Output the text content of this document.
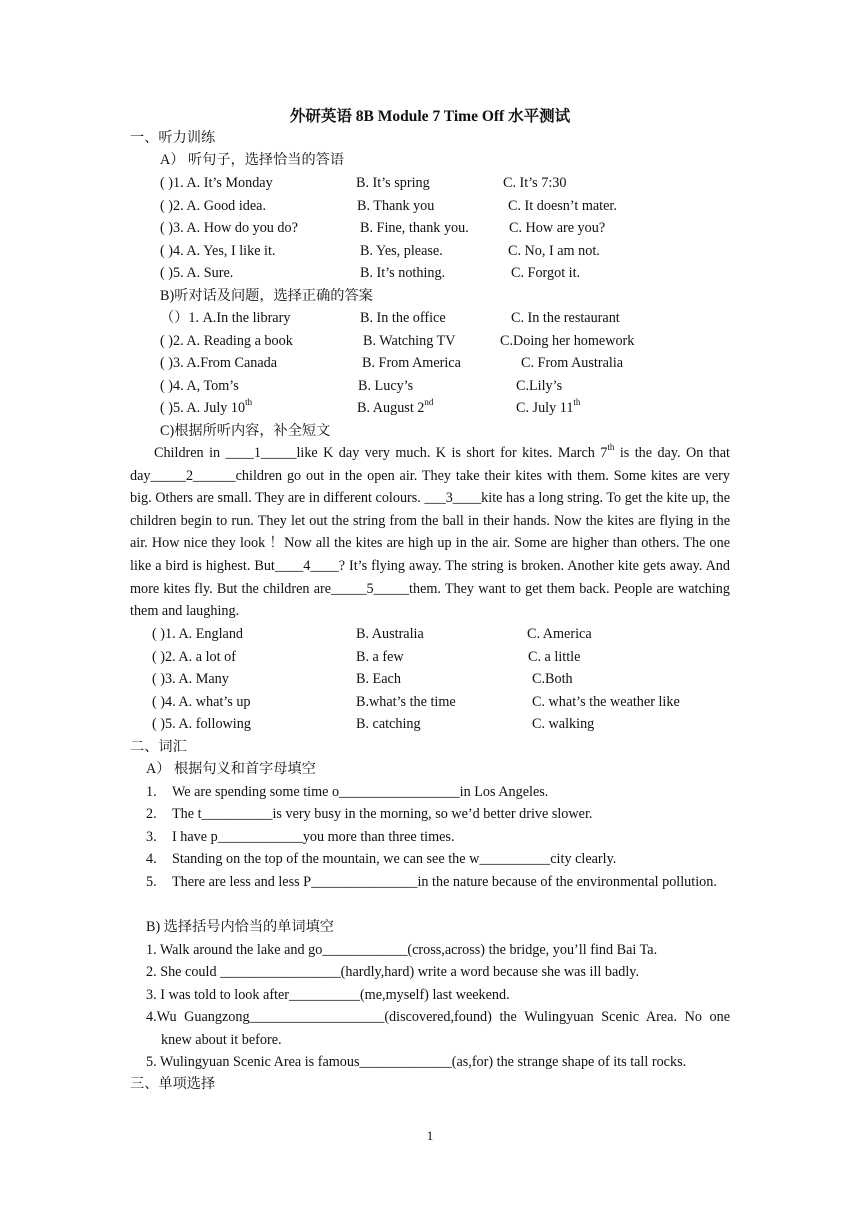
外研英语 8B Module 7 Time Off 水平测试
一、听力训练
A） 听句子，选择恰当的答语
( )1. A. It’s Monday	B. It’s spring	C. It’s 7:30
( )2. A. Good idea.	B. Thank you	C. It doesn’t mater.
( )3. A. How do you do?	B. Fine, thank you.	C. How are you?
( )4. A. Yes, I like it.	B. Yes, please.	C. No, I am not.
( )5. A. Sure.	B. It’s nothing.	C. Forgot it.
B)听对话及问题，选择正确的答案
（）1. A.In the library	B. In the office	C. In the restaurant
( )2. A. Reading a book	B. Watching TV	C.Doing her homework
( )3. A.From Canada	B. From America	C. From Australia
( )4. A, Tom’s	B. Lucy’s	C.Lily’s
( )5. A. July 10th	B. August 2nd	C. July 11th
C)根据所听内容，补全短文

Children in ____1_____like K day very much. K is short for kites. March 7th is the day. On that day_____2______children go out in the open air. They take their kites with them. Some kites are very big. Others are small. They are in different colours. ___3____kite has a long string. To get the kite up, the children begin to run. They let out the string from the ball in their hands. Now the kites are flying in the air. How nice they look ！Now all the kites are high up in the air. Some are higher than others. The one like a bird is highest. But____4____? It’s flying away. The string is broken. Another kite gets away. And more kites fly. But the children are_____5_____them. They want to get them back. People are watching them and laughing.

( )1. A. England	B. Australia	C. America
( )2. A. a lot of	B. a few	C. a little
( )3. A. Many	B. Each	C.Both
( )4. A. what’s up	B.what’s the time	C. what’s the weather like
( )5. A. following	B. catching	C. walking
二、词汇
A） 根据句义和首字母填空
1. We are spending some time o_________________in Los Angeles.
2. The t__________is very busy in the morning, so we’d better drive slower.
3. I have p____________you more than three times.
4. Standing on the top of the mountain, we can see the w__________city clearly.
5. There are less and less P_______________in the nature because of the environmental pollution.
B) 选择括号内恰当的单词填空
1. Walk around the lake and go____________(cross,across) the bridge, you’ll find Bai Ta.
2. She could _________________(hardly,hard) write a word because she was ill badly.
3. I was told to look after__________(me,myself) last weekend.
4.Wu Guangzong___________________(discovered,found) the Wulingyuan Scenic Area. No one knew about it before.
5. Wulingyuan Scenic Area is famous_____________(as,for) the strange shape of its tall rocks.
三、单项选择
1
